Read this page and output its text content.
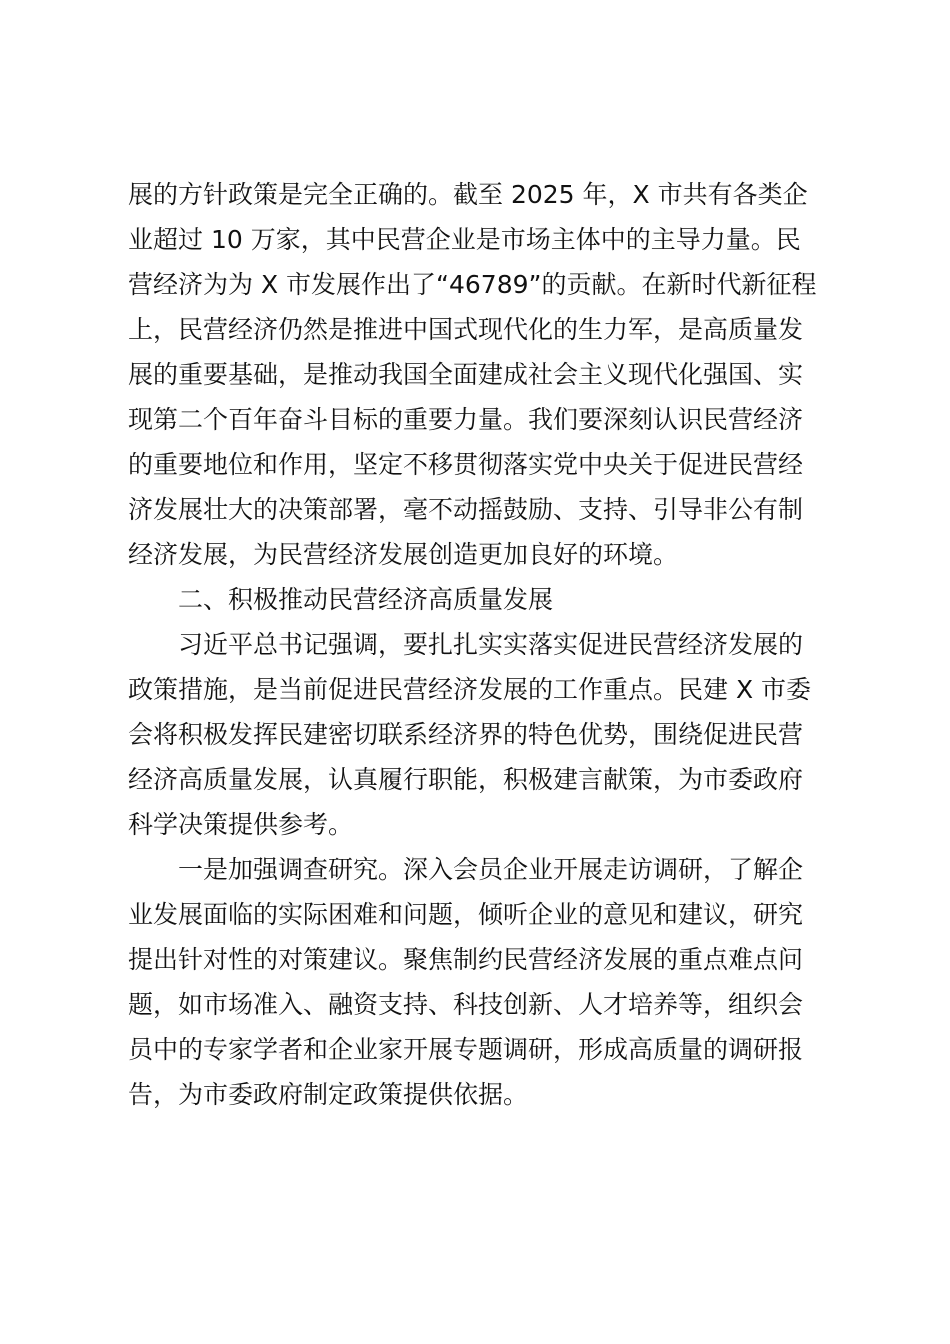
展的方针政策是完全正确的。截至 2025 年，X 市共有各类企
业超过 10 万家，其中民营企业是市场主体中的主导力量。民
营经济为为 X 市发展作出了“46789”的贡献。在新时代新征程
上，民营经济仍然是推进中国式现代化的生力军，是高质量发
展的重要基础，是推动我国全面建成社会主义现代化强国、实
现第二个百年奋斗目标的重要力量。我们要深刻认识民营经济
的重要地位和作用，坚定不移贯彻落实党中央关于促进民营经
济发展壮大的决策部署，毫不动摇鼓励、支持、引导非公有制
经济发展，为民营经济发展创造更加良好的环境。
二、积极推动民营经济高质量发展
习近平总书记强调，要扎扎实实落实促进民营经济发展的
政策措施，是当前促进民营经济发展的工作重点。民建 X 市委
会将积极发挥民建密切联系经济界的特色优势，围绕促进民营
经济高质量发展，认真履行职能，积极建言献策，为市委政府
科学决策提供参考。
一是加强调查研究。深入会员企业开展走访调研，了解企
业发展面临的实际困难和问题，倾听企业的意见和建议，研究
提出针对性的对策建议。聚焦制约民营经济发展的重点难点问
题，如市场准入、融资支持、科技创新、人才培养等，组织会
员中的专家学者和企业家开展专题调研，形成高质量的调研报
告，为市委政府制定政策提供依据。
